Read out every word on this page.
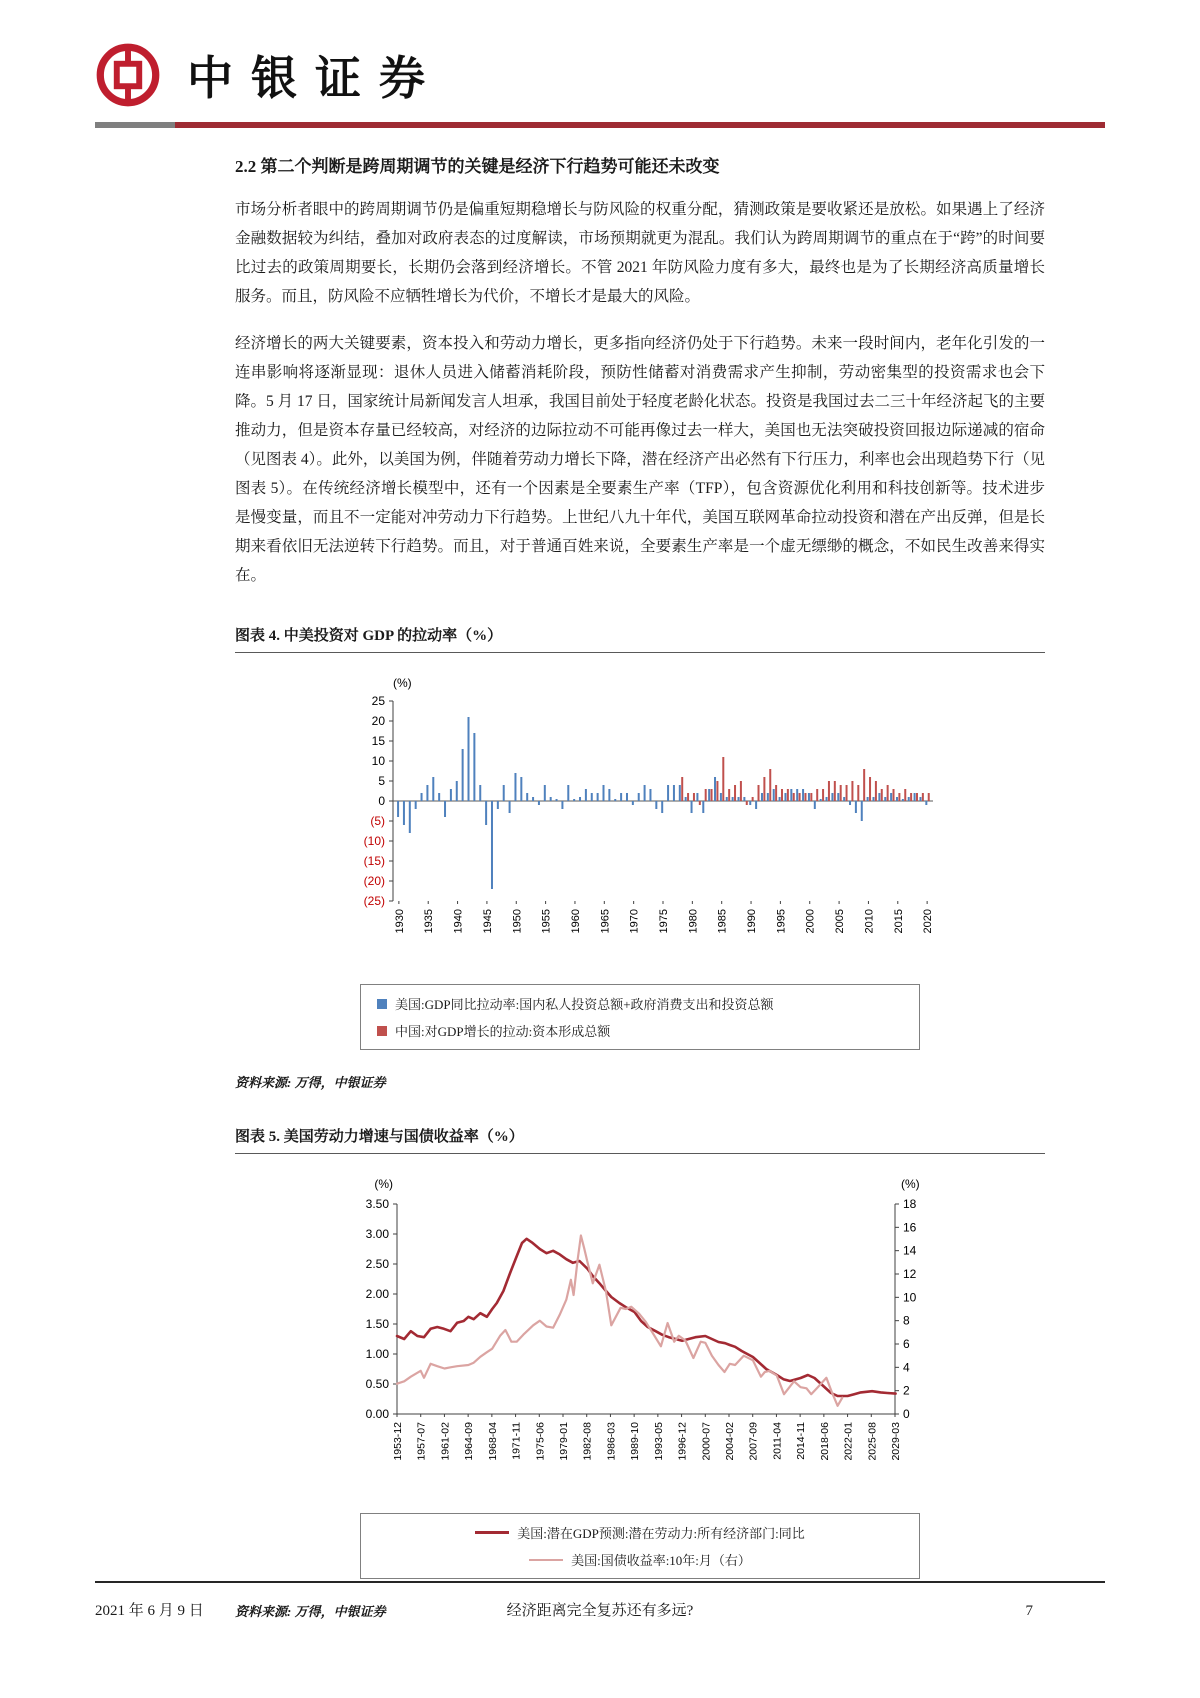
中银证券
2.2 第二个判断是跨周期调节的关键是经济下行趋势可能还未改变

市场分析者眼中的跨周期调节仍是偏重短期稳增长与防风险的权重分配，猜测政策是要收紧还是放松。如果遇上了经济金融数据较为纠结，叠加对政府表态的过度解读，市场预期就更为混乱。我们认为跨周期调节的重点在于“跨”的时间要比过去的政策周期要长，长期仍会落到经济增长。不管 2021 年防风险力度有多大，最终也是为了长期经济高质量增长服务。而且，防风险不应牺牲增长为代价，不增长才是最大的风险。

经济增长的两大关键要素，资本投入和劳动力增长，更多指向经济仍处于下行趋势。未来一段时间内，老年化引发的一连串影响将逐渐显现：退休人员进入储蓄消耗阶段，预防性储蓄对消费需求产生抑制，劳动密集型的投资需求也会下降。5 月 17 日，国家统计局新闻发言人坦承，我国目前处于轻度老龄化状态。投资是我国过去二三十年经济起飞的主要推动力，但是资本存量已经较高，对经济的边际拉动不可能再像过去一样大，美国也无法突破投资回报边际递减的宿命（见图表 4）。此外，以美国为例，伴随着劳动力增长下降，潜在经济产出必然有下行压力，利率也会出现趋势下行（见图表 5）。在传统经济增长模型中，还有一个因素是全要素生产率（TFP），包含资源优化利用和科技创新等。技术进步是慢变量，而且不一定能对冲劳动力下行趋势。上世纪八九十年代，美国互联网革命拉动投资和潜在产出反弹，但是长期来看依旧无法逆转下行趋势。而且，对于普通百姓来说，全要素生产率是一个虚无缥缈的概念，不如民生改善来得实在。

图表 4. 中美投资对 GDP 的拉动率（%）
(%)
25
20
15
10
5
0
(5)
(10)
(15)
(20)
(25)
1930 1935 1940 1945 1950 1955 1960 1965 1970 1975 1980 1985 1990 1995 2000 2005 2010 2015 2020
美国:GDP同比拉动率:国内私人投资总额+政府消费支出和投资总额
中国:对GDP增长的拉动:资本形成总额

资料来源: 万得，中银证券

图表 5. 美国劳动力增速与国债收益率（%）
(%)	(%)
3.50
3.00
2.50
2.00
1.50
1.00
0.50
0.00
18
16
14
12
10
8
6
4
2
0
1953-12 1957-07 1961-02 1964-09 1968-04 1971-11 1975-06 1979-01 1982-08 1986-03 1989-10 1993-05 1996-12 2000-07 2004-02 2007-09 2011-04 2014-11 2018-06 2022-01 2025-08 2029-03
美国:潜在GDP预测:潜在劳动力:所有经济部门:同比
美国:国债收益率:10年:月（右）

资料来源: 万得，中银证券

2021 年 6 月 9 日	经济距离完全复苏还有多远?	7
